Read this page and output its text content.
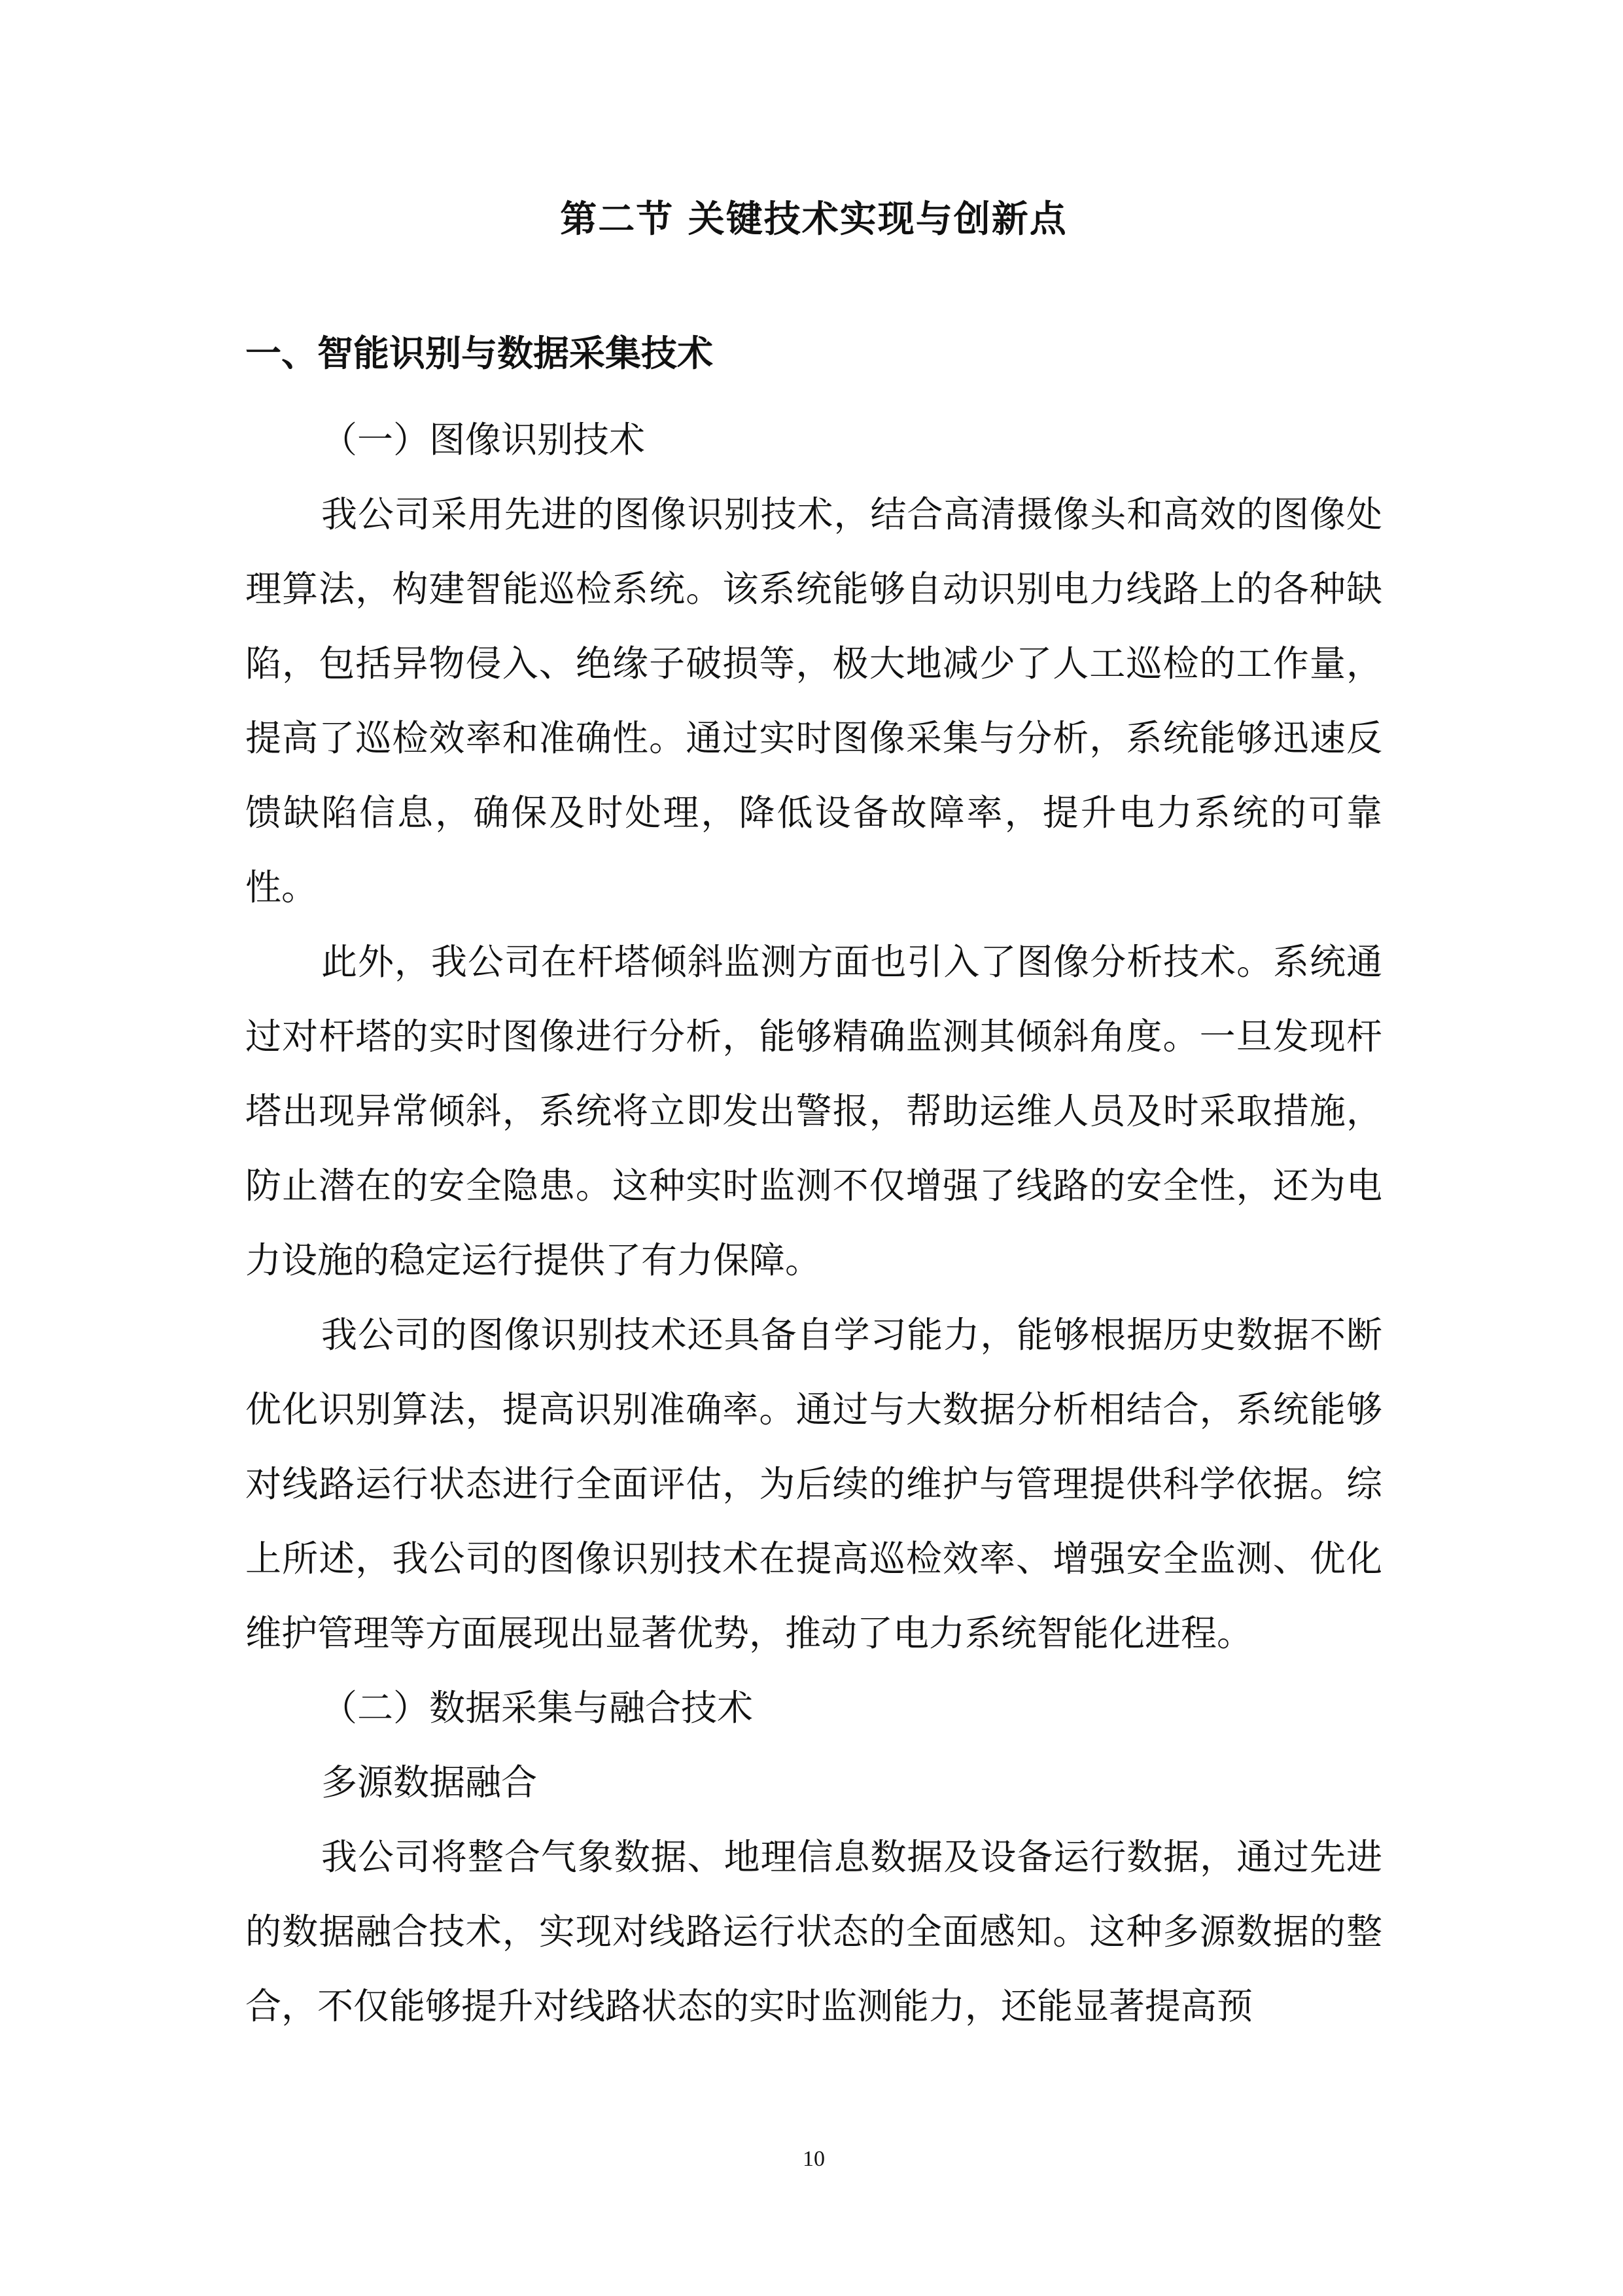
第二节 关键技术实现与创新点
一、智能识别与数据采集技术

（一）图像识别技术

我公司采用先进的图像识别技术，结合高清摄像头和高效的图像处理算法，构建智能巡检系统。该系统能够自动识别电力线路上的各种缺陷，包括异物侵入、绝缘子破损等，极大地减少了人工巡检的工作量，提高了巡检效率和准确性。通过实时图像采集与分析，系统能够迅速反馈缺陷信息，确保及时处理，降低设备故障率，提升电力系统的可靠性。

此外，我公司在杆塔倾斜监测方面也引入了图像分析技术。系统通过对杆塔的实时图像进行分析，能够精确监测其倾斜角度。一旦发现杆塔出现异常倾斜，系统将立即发出警报，帮助运维人员及时采取措施，防止潜在的安全隐患。这种实时监测不仅增强了线路的安全性，还为电力设施的稳定运行提供了有力保障。

我公司的图像识别技术还具备自学习能力，能够根据历史数据不断优化识别算法，提高识别准确率。通过与大数据分析相结合，系统能够对线路运行状态进行全面评估，为后续的维护与管理提供科学依据。综上所述，我公司的图像识别技术在提高巡检效率、增强安全监测、优化维护管理等方面展现出显著优势，推动了电力系统智能化进程。

（二）数据采集与融合技术

多源数据融合

我公司将整合气象数据、地理信息数据及设备运行数据，通过先进的数据融合技术，实现对线路运行状态的全面感知。这种多源数据的整合，不仅能够提升对线路状态的实时监测能力，还能显著提高预

10
